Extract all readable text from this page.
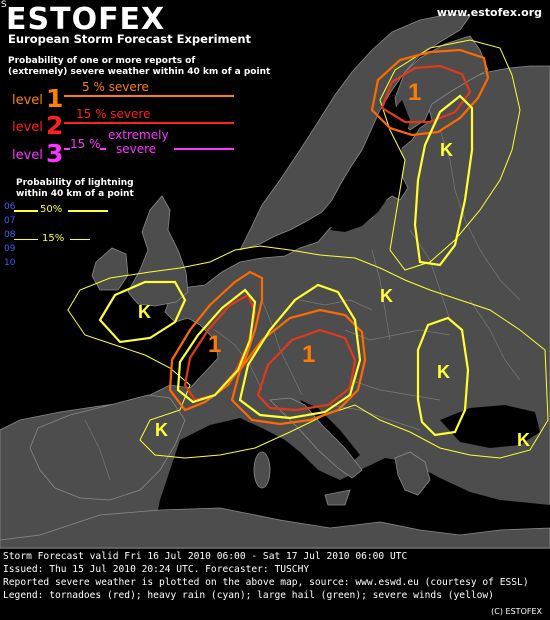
1
1	1
K
K
K
K
K	K
S ESTOFEX	www.estofex.org
European Storm Forecast Experiment
Probability of one or more reports of
(extremely) severe weather within 40 km of a point
level 1 5 % severe
level 2 15 % severe
level 3 15 %
extremely
severe
Probability of lightning
within 40 km of a point
50%
15%
06
07
08
09
10
Storm Forecast valid Fri 16 Jul 2010 06:00 - Sat 17 Jul 2010 06:00 UTC
Issued: Thu 15 Jul 2010 20:24 UTC. Forecaster: TUSCHY
Reported severe weather is plotted on the above map, source: www.eswd.eu (courtesy of ESSL)
Legend: tornadoes (red); heavy rain (cyan); large hail (green); severe winds (yellow)
(C) ESTOFEX
